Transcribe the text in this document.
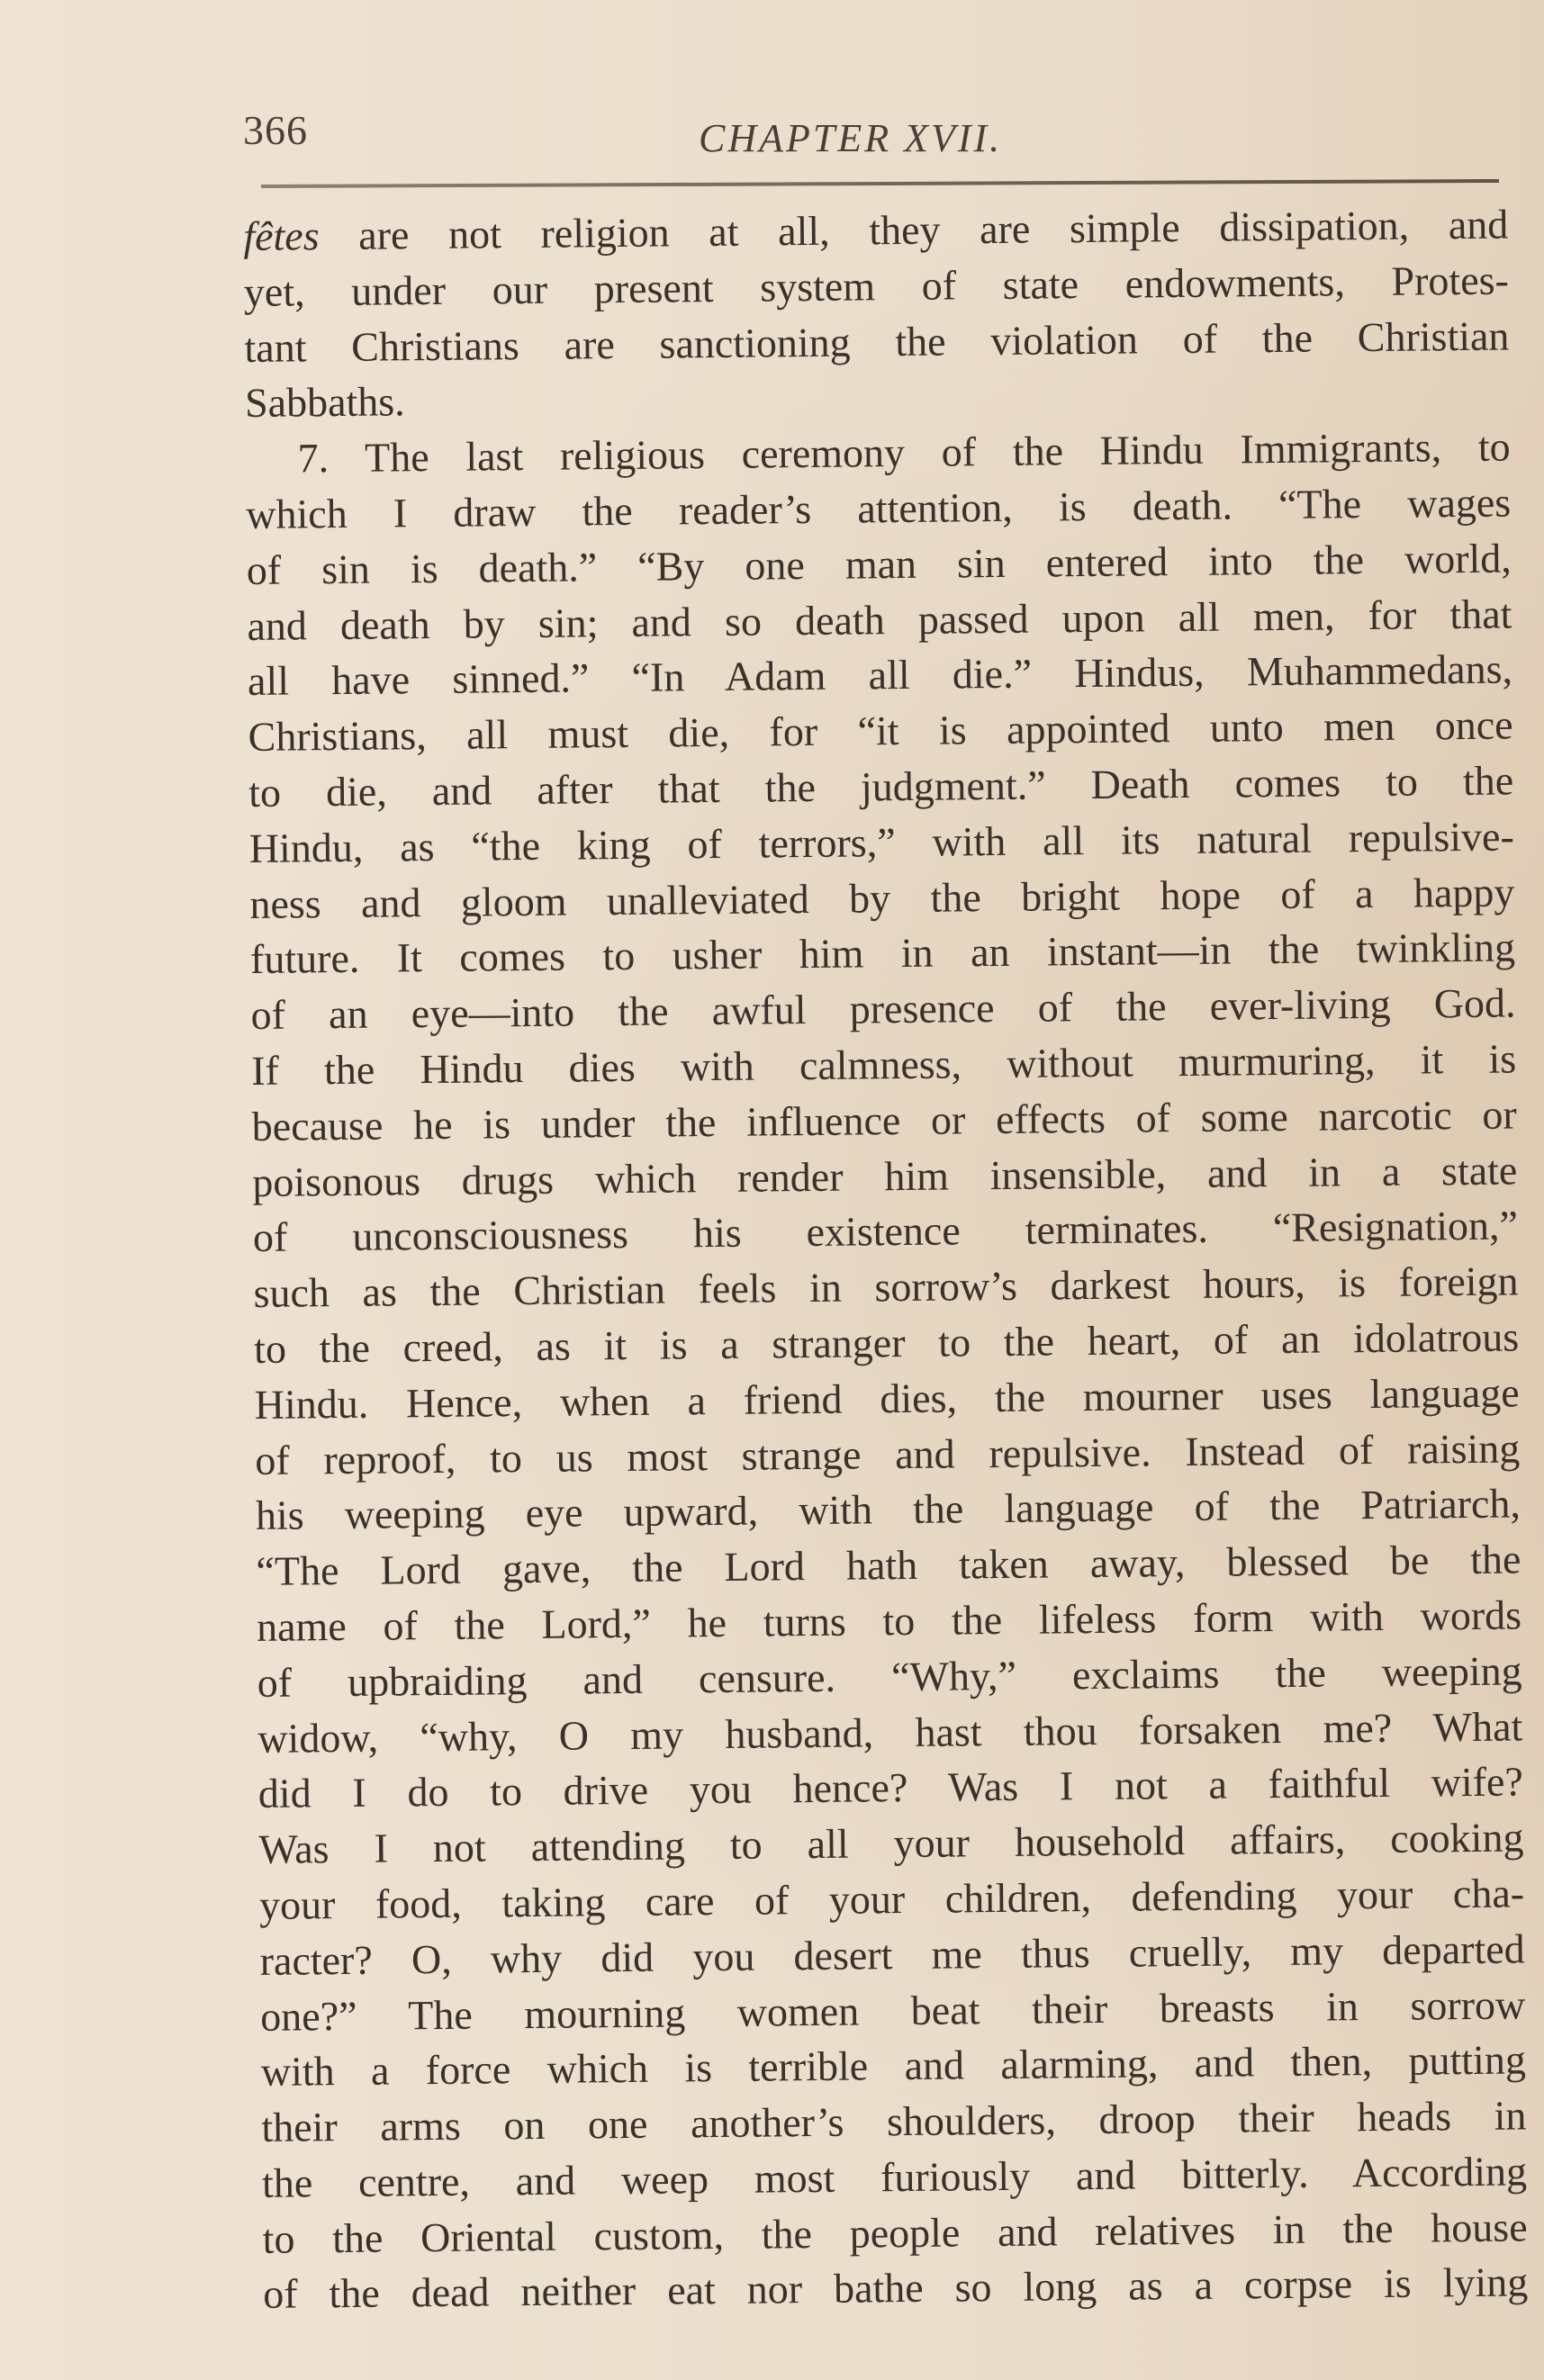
366	CHAPTER XVII.
fêtes are not religion at all, they are simple dissipation, and
yet, under our present system of state endowments, Protes-
tant Christians are sanctioning the violation of the Christian
Sabbaths.
7. The last religious ceremony of the Hindu Immigrants, to
which I draw the reader’s attention, is death. “The wages
of sin is death.” “By one man sin entered into the world,
and death by sin; and so death passed upon all men, for that
all have sinned.” “In Adam all die.” Hindus, Muhammedans,
Christians, all must die, for “it is appointed unto men once
to die, and after that the judgment.” Death comes to the
Hindu, as “the king of terrors,” with all its natural repulsive-
ness and gloom unalleviated by the bright hope of a happy
future. It comes to usher him in an instant—in the twinkling
of an eye—into the awful presence of the ever-living God.
If the Hindu dies with calmness, without murmuring, it is
because he is under the influence or effects of some narcotic or
poisonous drugs which render him insensible, and in a state
of unconsciousness his existence terminates. “Resignation,”
such as the Christian feels in sorrow’s darkest hours, is foreign
to the creed, as it is a stranger to the heart, of an idolatrous
Hindu. Hence, when a friend dies, the mourner uses language
of reproof, to us most strange and repulsive. Instead of raising
his weeping eye upward, with the language of the Patriarch,
“The Lord gave, the Lord hath taken away, blessed be the
name of the Lord,” he turns to the lifeless form with words
of upbraiding and censure. “Why,” exclaims the weeping
widow, “why, O my husband, hast thou forsaken me? What
did I do to drive you hence? Was I not a faithful wife?
Was I not attending to all your household affairs, cooking
your food, taking care of your children, defending your cha-
racter? O, why did you desert me thus cruelly, my departed
one?” The mourning women beat their breasts in sorrow
with a force which is terrible and alarming, and then, putting
their arms on one another’s shoulders, droop their heads in
the centre, and weep most furiously and bitterly. According
to the Oriental custom, the people and relatives in the house
of the dead neither eat nor bathe so long as a corpse is lying
